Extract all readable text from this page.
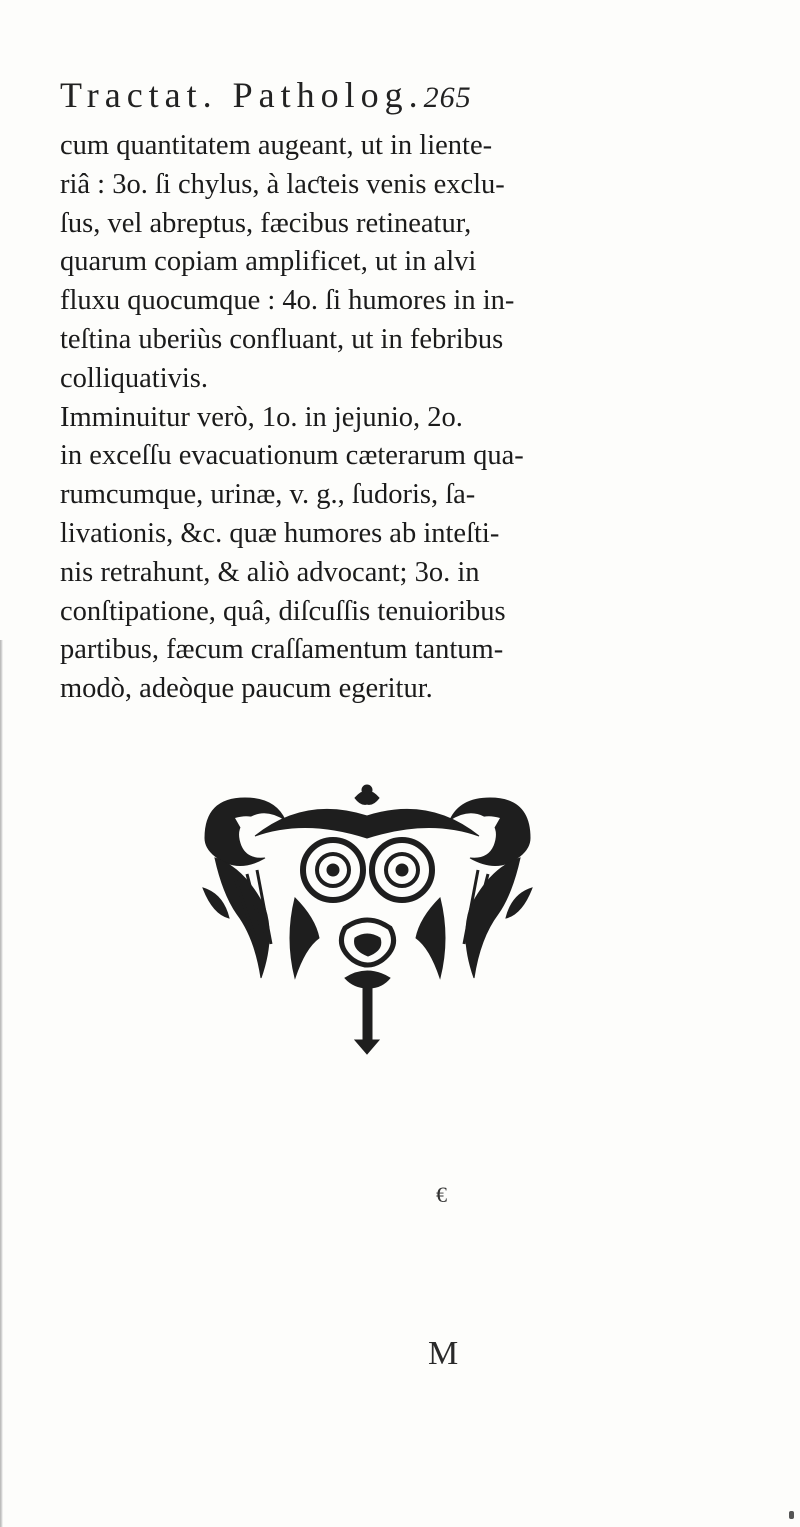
Tractat. Patholog.265
cum quantitatem augeant, ut in liente-
riâ : 3o. ſi chylus, à laƈteis venis exclu-
ſus, vel abreptus, fæcibus retineatur,
quarum copiam amplificet, ut in alvi
fluxu quocumque : 4o. ſi humores in in-
teſtina uberiùs confluant, ut in febribus
colliquativis.
Imminuitur verò, 1o. in jejunio, 2o.
in exceſſu evacuationum cæterarum qua-
rumcumque, urinæ, v. g., ſudoris, ſa-
livationis, &c. quæ humores ab inteſti-
nis retrahunt, & aliò advocant; 3o. in
conſtipatione, quâ, diſcuſſis tenuioribus
partibus, fæcum craſſamentum tantum-
modò, adeòque paucum egeritur.
€
M
